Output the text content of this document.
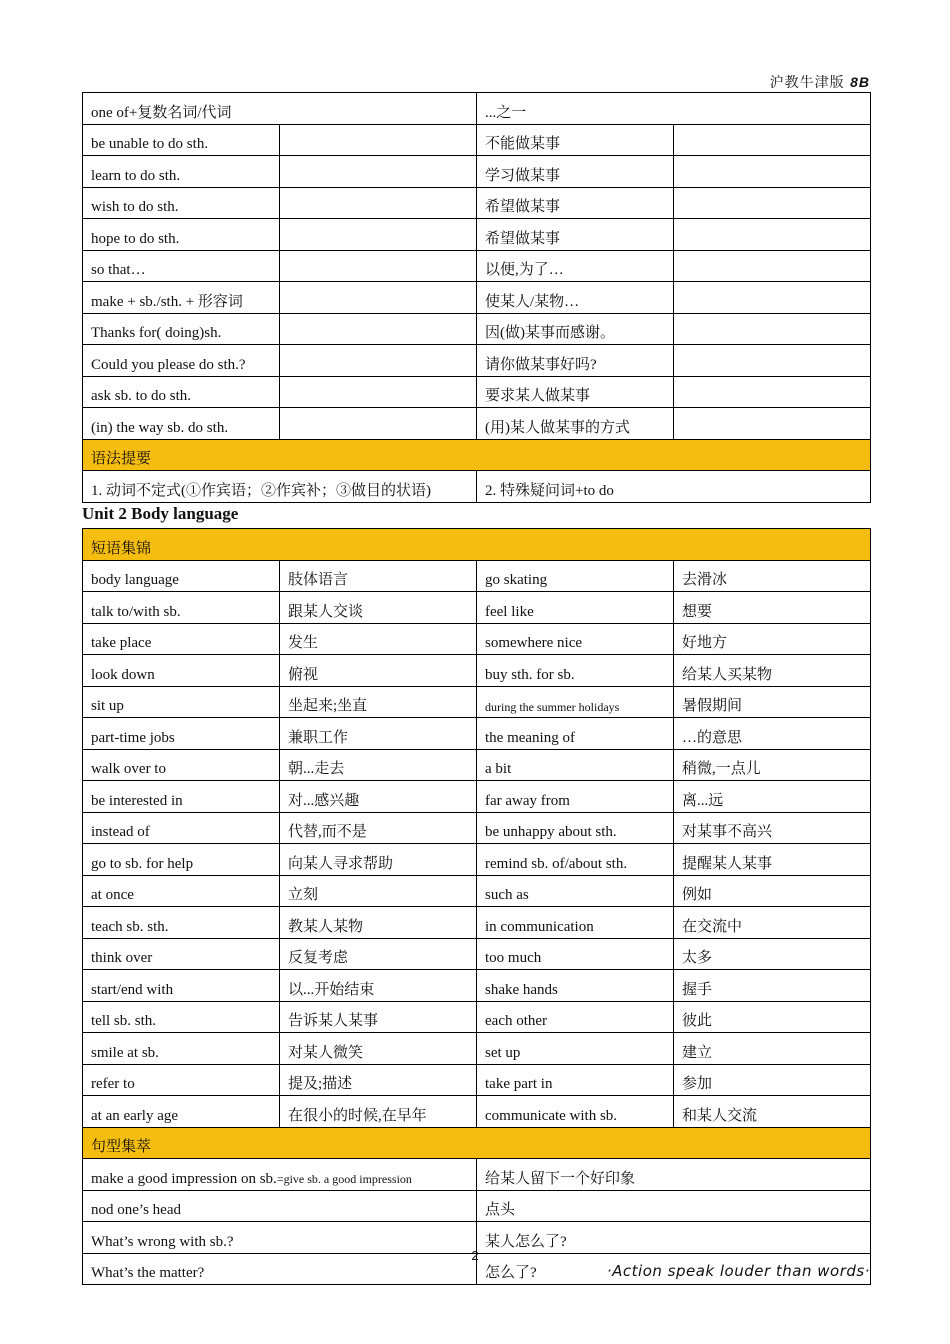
沪教牛津版 8B
one of+复数名词/代词		...之一	
be unable to do sth.		不能做某事	
learn to do sth.		学习做某事	
wish to do sth.		希望做某事	
hope to do sth.		希望做某事	
so that…		以便,为了…	
make + sb./sth. + 形容词		使某人/某物…	
Thanks for( doing)sh.		因(做)某事而感谢。	
Could you please do sth.?		请你做某事好吗?	
ask sb. to do sth.		要求某人做某事	
(in) the way sb. do sth.		(用)某人做某事的方式	
语法提要			
1. 动词不定式(①作宾语；②作宾补；③做目的状语)		2. 特殊疑问词+to do	
Unit 2 Body language
短语集锦			
body language	肢体语言	go skating	去滑冰
talk to/with sb.	跟某人交谈	feel like	想要
take place	发生	somewhere nice	好地方
look down	俯视	buy sth. for sb.	给某人买某物
sit up	坐起来;坐直	during the summer holidays	暑假期间
part-time jobs	兼职工作	the meaning of	…的意思
walk over to	朝...走去	a bit	稍微,一点儿
be interested in	对...感兴趣	far away from	离...远
instead of	代替,而不是	be unhappy about sth.	对某事不高兴
go to sb. for help	向某人寻求帮助	remind sb. of/about sth.	提醒某人某事
at once	立刻	such as	例如
teach sb. sth.	教某人某物	in communication	在交流中
think over	反复考虑	too much	太多
start/end with	以...开始结束	shake hands	握手
tell sb. sth.	告诉某人某事	each other	彼此
smile at sb.	对某人微笑	set up	建立
refer to	提及;描述	take part in	参加
at an early age	在很小的时候,在早年	communicate with sb.	和某人交流
句型集萃			
make a good impression on sb.=give sb. a good impression		给某人留下一个好印象	
nod one’s head		点头	
What’s wrong with sb.?		某人怎么了?	
What’s the matter?		怎么了?	
2
·Action speak louder than words·
